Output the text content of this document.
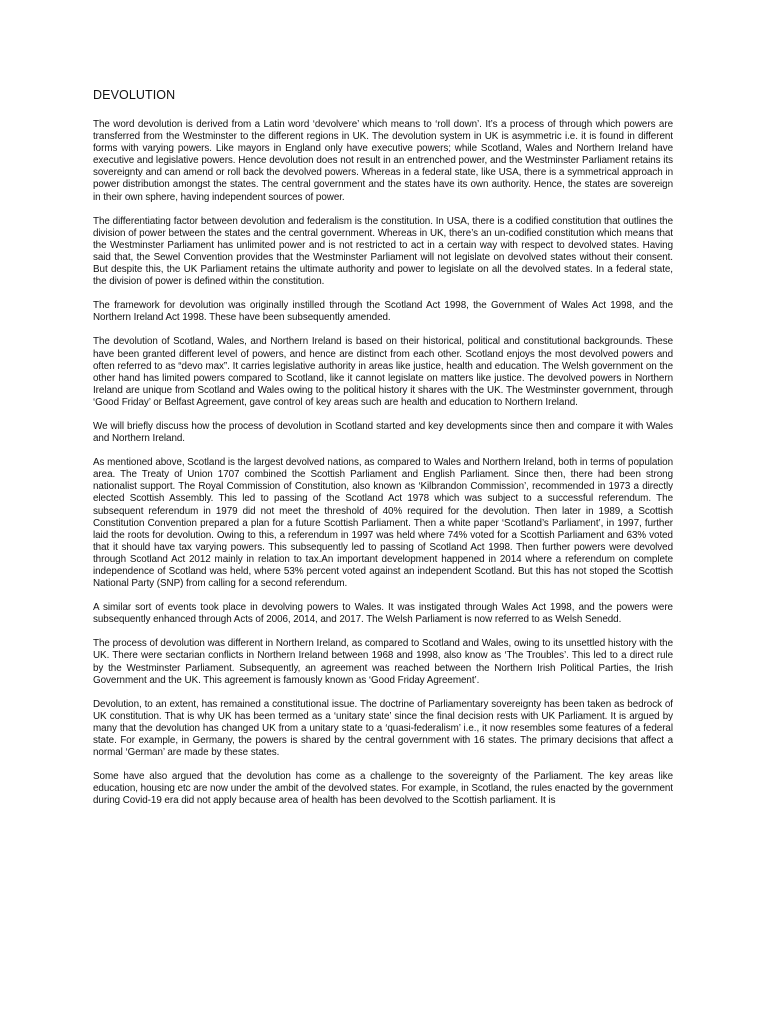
DEVOLUTION

The word devolution is derived from a Latin word ‘devolvere’ which means to ‘roll down’. It’s a process of through which powers are transferred from the Westminster to the different regions in UK. The devolution system in UK is asymmetric i.e. it is found in different forms with varying powers. Like mayors in England only have executive powers; while Scotland, Wales and Northern Ireland have executive and legislative powers. Hence devolution does not result in an entrenched power, and the Westminster Parliament retains its sovereignty and can amend or roll back the devolved powers. Whereas in a federal state, like USA, there is a symmetrical approach in power distribution amongst the states. The central government and the states have its own authority. Hence, the states are sovereign in their own sphere, having independent sources of power.

The differentiating factor between devolution and federalism is the constitution. In USA, there is a codified constitution that outlines the division of power between the states and the central government. Whereas in UK, there’s an un-codified constitution which means that the Westminster Parliament has unlimited power and is not restricted to act in a certain way with respect to devolved states. Having said that, the Sewel Convention provides that the Westminster Parliament will not legislate on devolved states without their consent. But despite this, the UK Parliament retains the ultimate authority and power to legislate on all the devolved states. In a federal state, the division of power is defined within the constitution.

The framework for devolution was originally instilled through the Scotland Act 1998, the Government of Wales Act 1998, and the Northern Ireland Act 1998. These have been subsequently amended.

The devolution of Scotland, Wales, and Northern Ireland is based on their historical, political and constitutional backgrounds. These have been granted different level of powers, and hence are distinct from each other. Scotland enjoys the most devolved powers and often referred to as “devo max”. It carries legislative authority in areas like justice, health and education. The Welsh government on the other hand has limited powers compared to Scotland, like it cannot legislate on matters like justice. The devolved powers in Northern Ireland are unique from Scotland and Wales owing to the political history it shares with the UK. The Westminster government, through ‘Good Friday’ or Belfast Agreement, gave control of key areas such are health and education to Northern Ireland.

We will briefly discuss how the process of devolution in Scotland started and key developments since then and compare it with Wales and Northern Ireland.

As mentioned above, Scotland is the largest devolved nations, as compared to Wales and Northern Ireland, both in terms of population area. The Treaty of Union 1707 combined the Scottish Parliament and English Parliament. Since then, there had been strong nationalist support. The Royal Commission of Constitution, also known as ‘Kilbrandon Commission’, recommended in 1973 a directly elected Scottish Assembly. This led to passing of the Scotland Act 1978 which was subject to a successful referendum. The subsequent referendum in 1979 did not meet the threshold of 40% required for the devolution. Then later in 1989, a Scottish Constitution Convention prepared a plan for a future Scottish Parliament. Then a white paper ‘Scotland’s Parliament’, in 1997, further laid the roots for devolution. Owing to this, a referendum in 1997 was held where 74% voted for a Scottish Parliament and 63% voted that it should have tax varying powers. This subsequently led to passing of Scotland Act 1998. Then further powers were devolved through Scotland Act 2012 mainly in relation to tax.An important development happened in 2014 where a referendum on complete independence of Scotland was held, where 53% percent voted against an independent Scotland. But this has not stoped the Scottish National Party (SNP) from calling for a second referendum.

A similar sort of events took place in devolving powers to Wales. It was instigated through Wales Act 1998, and the powers were subsequently enhanced through Acts of 2006, 2014, and 2017. The Welsh Parliament is now referred to as Welsh Senedd.

The process of devolution was different in Northern Ireland, as compared to Scotland and Wales, owing to its unsettled history with the UK. There were sectarian conflicts in Northern Ireland between 1968 and 1998, also know as ‘The Troubles’. This led to a direct rule by the Westminster Parliament. Subsequently, an agreement was reached between the Northern Irish Political Parties, the Irish Government and the UK. This agreement is famously known as ‘Good Friday Agreement’.

Devolution, to an extent, has remained a constitutional issue. The doctrine of Parliamentary sovereignty has been taken as bedrock of UK constitution. That is why UK has been termed as a ‘unitary state’ since the final decision rests with UK Parliament. It is argued by many that the devolution has changed UK from a unitary state to a ‘quasi-federalism’ i.e., it now resembles some features of a federal state. For example, in Germany, the powers is shared by the central government with 16 states. The primary decisions that affect a normal ‘German’ are made by these states.

Some have also argued that the devolution has come as a challenge to the sovereignty of the Parliament. The key areas like education, housing etc are now under the ambit of the devolved states. For example, in Scotland, the rules enacted by the government during Covid-19 era did not apply because area of health has been devolved to the Scottish parliament. It is
